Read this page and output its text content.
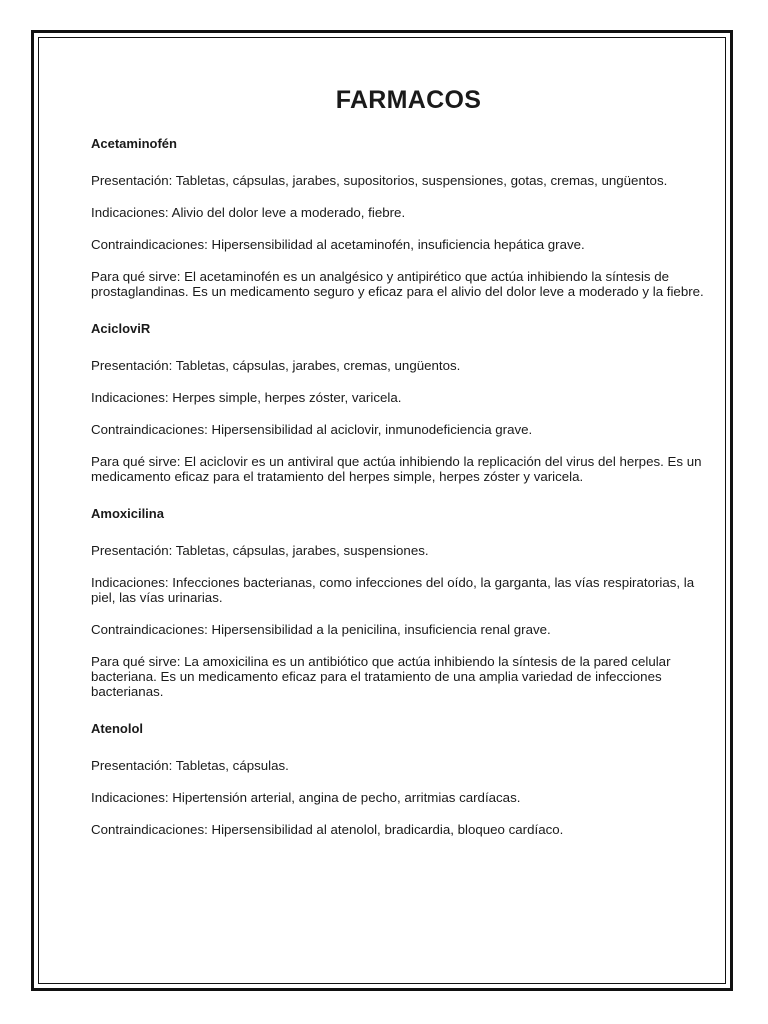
FARMACOS
Acetaminofén
Presentación: Tabletas, cápsulas, jarabes, supositorios, suspensiones, gotas, cremas, ungüentos.
Indicaciones: Alivio del dolor leve a moderado, fiebre.
Contraindicaciones: Hipersensibilidad al acetaminofén, insuficiencia hepática grave.
Para qué sirve: El acetaminofén es un analgésico y antipirético que actúa inhibiendo la síntesis de prostaglandinas. Es un medicamento seguro y eficaz para el alivio del dolor leve a moderado y la fiebre.
AcicloviR
Presentación: Tabletas, cápsulas, jarabes, cremas, ungüentos.
Indicaciones: Herpes simple, herpes zóster, varicela.
Contraindicaciones: Hipersensibilidad al aciclovir, inmunodeficiencia grave.
Para qué sirve: El aciclovir es un antiviral que actúa inhibiendo la replicación del virus del herpes. Es un medicamento eficaz para el tratamiento del herpes simple, herpes zóster y varicela.
Amoxicilina
Presentación: Tabletas, cápsulas, jarabes, suspensiones.
Indicaciones: Infecciones bacterianas, como infecciones del oído, la garganta, las vías respiratorias, la piel, las vías urinarias.
Contraindicaciones: Hipersensibilidad a la penicilina, insuficiencia renal grave.
Para qué sirve: La amoxicilina es un antibiótico que actúa inhibiendo la síntesis de la pared celular bacteriana. Es un medicamento eficaz para el tratamiento de una amplia variedad de infecciones bacterianas.
Atenolol
Presentación: Tabletas, cápsulas.
Indicaciones: Hipertensión arterial, angina de pecho, arritmias cardíacas.
Contraindicaciones: Hipersensibilidad al atenolol, bradicardia, bloqueo cardíaco.
